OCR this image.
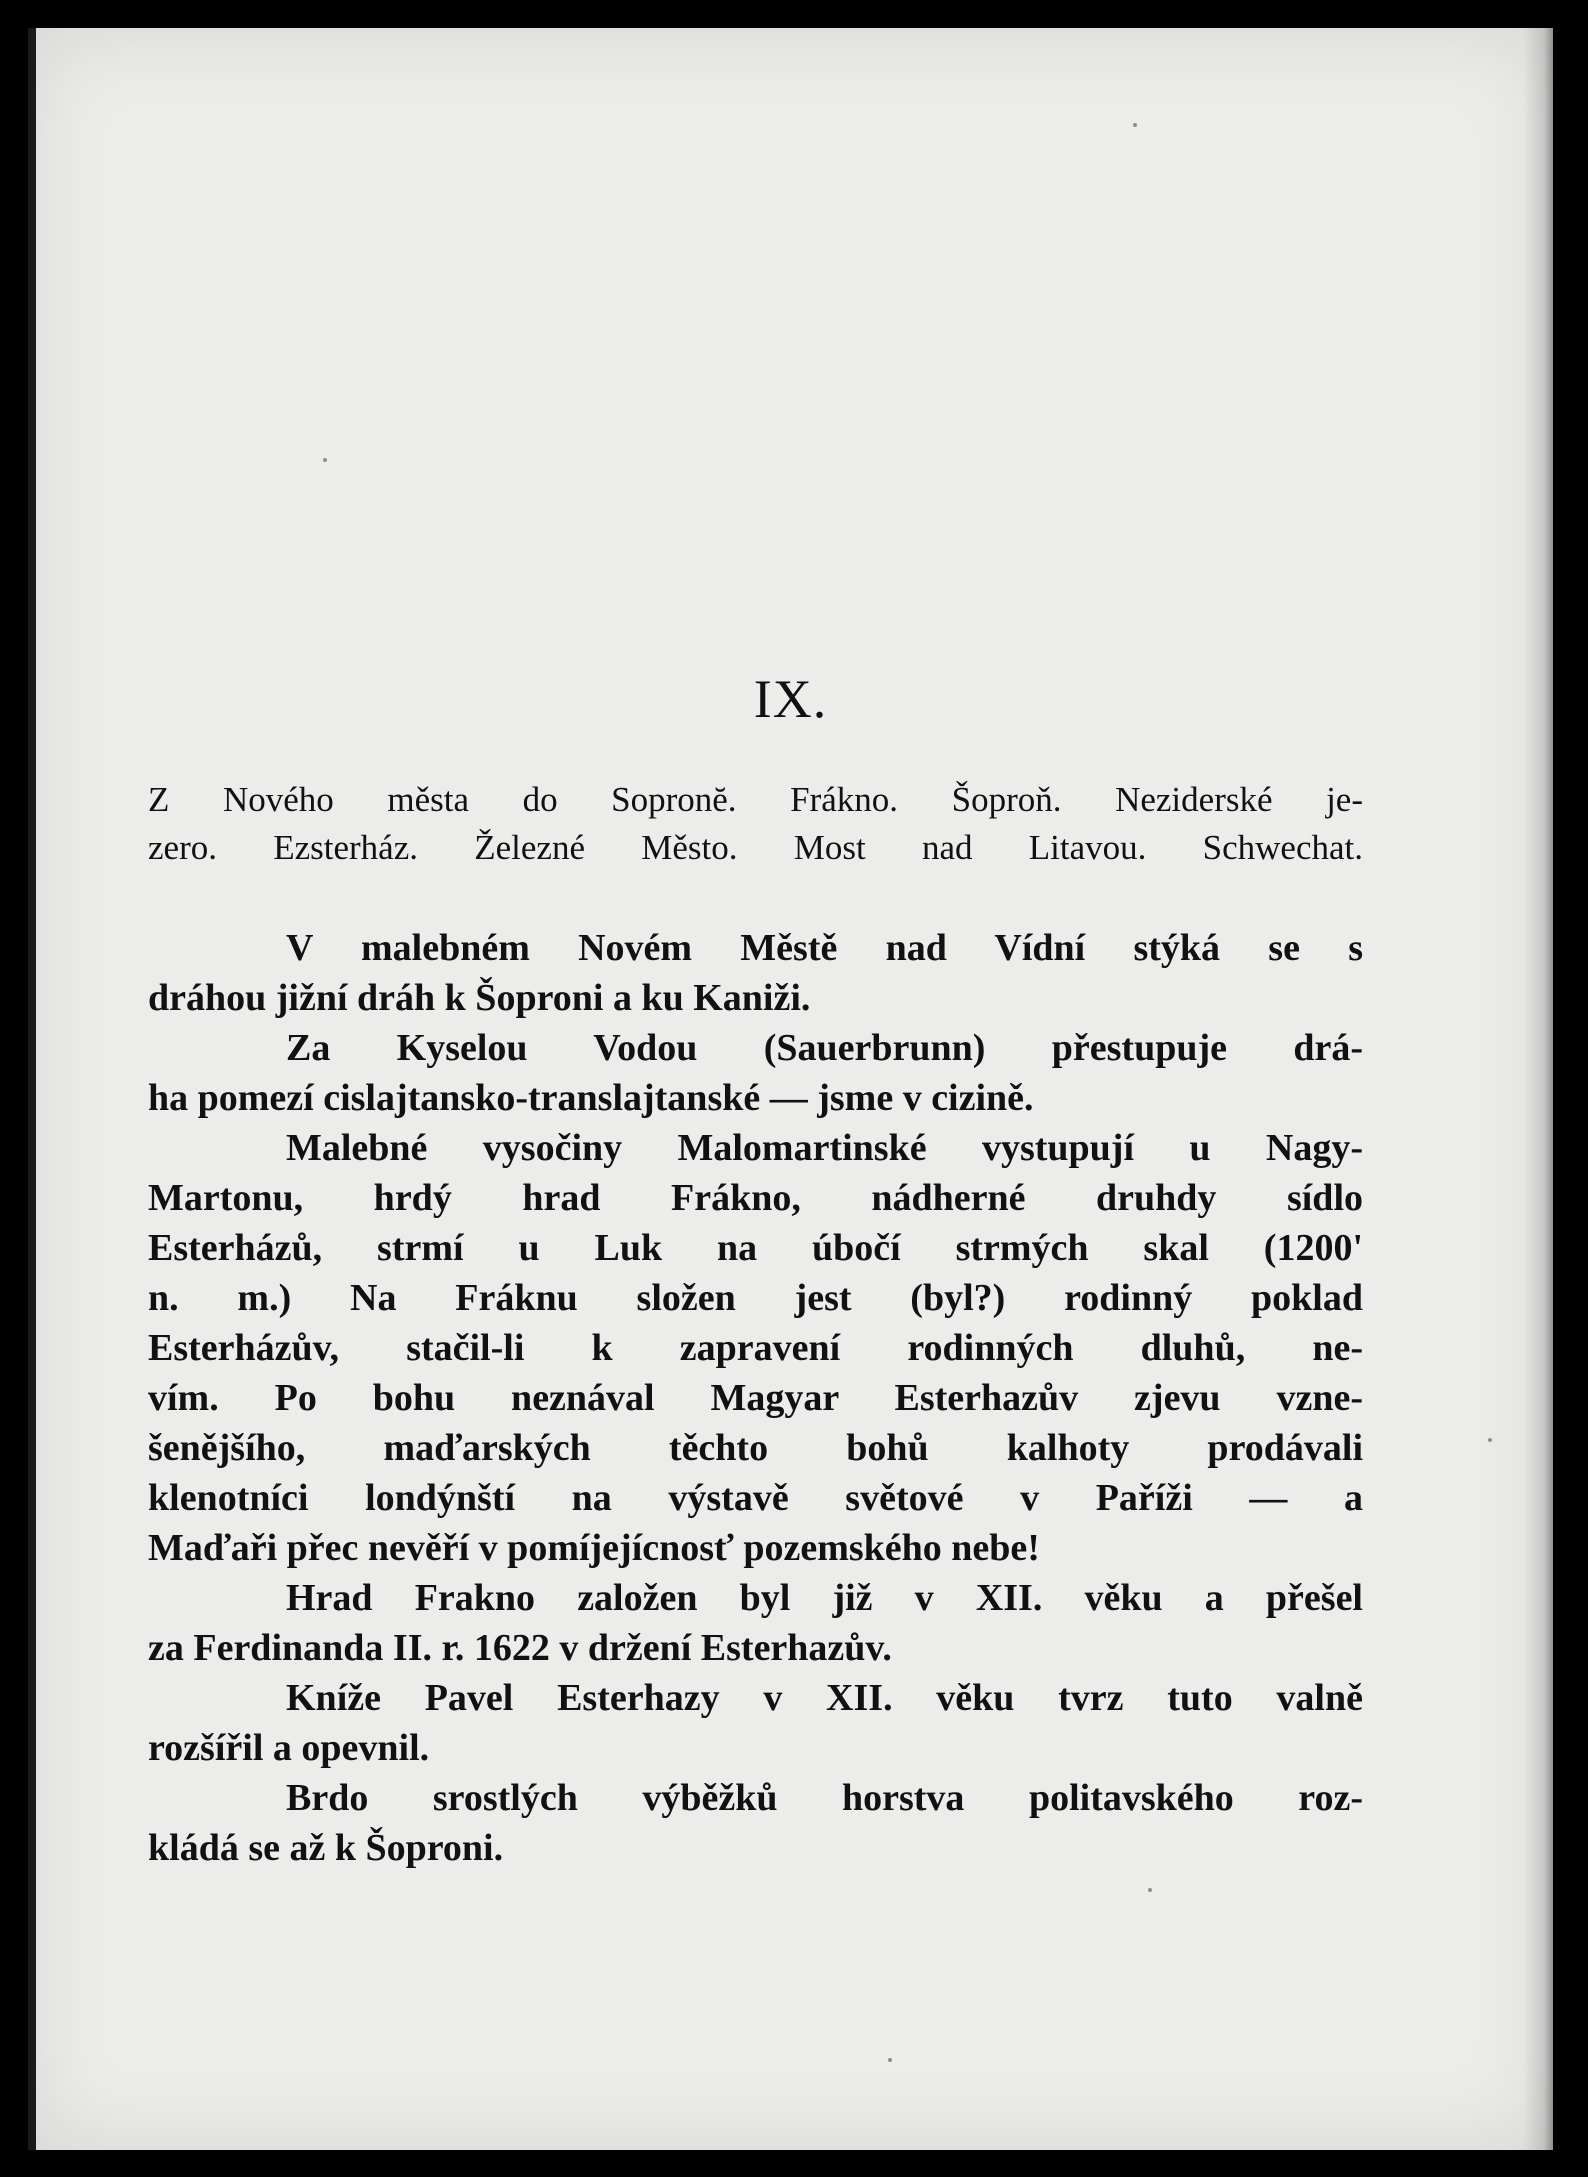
IX.
Z Nového města do Sopronĕ. Frákno. Šoproň. Neziderské je-
zero. Ezsterház. Železné Město. Most nad Litavou. Schwechat.
V malebném Novém Městě nad Vídní stýká se s
dráhou jižní dráh k Šoproni a ku Kaniži.
Za Kyselou Vodou (Sauerbrunn) přestupuje drá-
ha pomezí cislajtansko-translajtanské — jsme v cizině.
Malebné vysočiny Malomartinské vystupují u Nagy-
Martonu, hrdý hrad Frákno, nádherné druhdy sídlo
Esterházů, strmí u Luk na úbočí strmých skal (1200'
n. m.) Na Fráknu složen jest (byl?) rodinný poklad
Esterházův, stačil-li k zapravení rodinných dluhů, ne-
vím. Po bohu neznával Magyar Esterhazův zjevu vzne-
šenějšího, maďarských těchto bohů kalhoty prodávali
klenotníci londýnští na výstavě světové v Paříži — a
Maďaři přec nevěří v pomíjejícnosť pozemského nebe!
Hrad Frakno založen byl již v XII. věku a přešel
za Ferdinanda II. r. 1622 v držení Esterhazův.
Kníže Pavel Esterhazy v XII. věku tvrz tuto valně
rozšířil a opevnil.
Brdo srostlých výběžků horstva politavského roz-
kládá se až k Šoproni.
